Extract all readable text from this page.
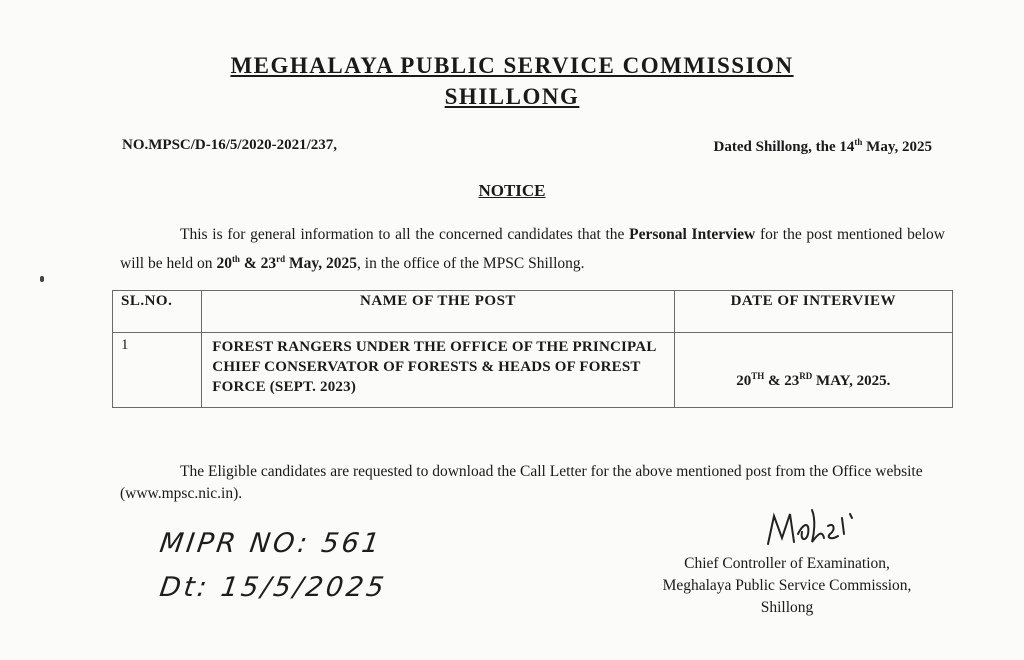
MEGHALAYA PUBLIC SERVICE COMMISSION
SHILLONG
NO.MPSC/D-16/5/2020-2021/237,	Dated Shillong, the 14th May, 2025
NOTICE
This is for general information to all the concerned candidates that the Personal Interview for the post mentioned below will be held on 20th & 23rd May, 2025, in the office of the MPSC Shillong.
SL.NO.	NAME OF THE POST	DATE OF INTERVIEW
1	FOREST RANGERS UNDER THE OFFICE OF THE PRINCIPAL CHIEF CONSERVATOR OF FORESTS & HEADS OF FOREST FORCE (SEPT. 2023)	20TH & 23RD MAY, 2025.
The Eligible candidates are requested to download the Call Letter for the above mentioned post from the Office website (www.mpsc.nic.in).
Chief Controller of Examination,
Meghalaya Public Service Commission,
Shillong
MIPR NO: 561
Dt: 15/5/2025
